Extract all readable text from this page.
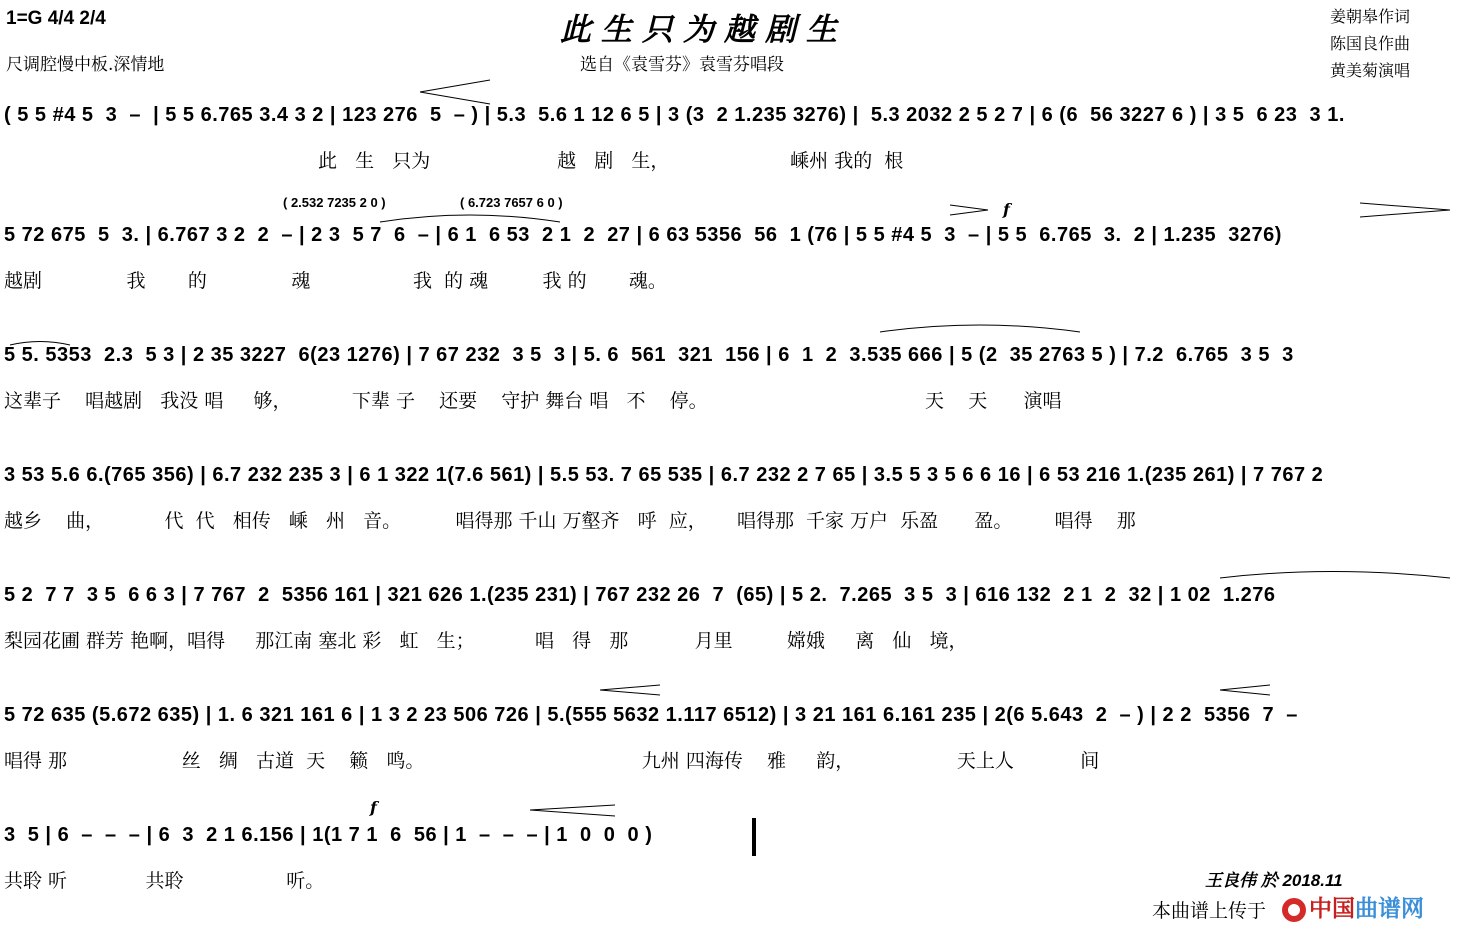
1=G 4/4 2/4
尺调腔慢中板.深情地
此生只为越剧生
选自《袁雪芬》袁雪芬唱段
姜朝皋作词
陈国良作曲
黄美菊演唱
( 2.532 7235 2 0 )	( 6.723 7657 6 0 )	f
f
( 5 5 #4 5  3  –  | 5 5 6.765 3.4 3 2 | 123 276  5  – ) | 5.3  5.6 1 12 6 5 | 3 (3  2 1.235 3276) |  5.3 2032 2 5 2 7 | 6 (6  56 3227 6 ) | 3 5  6 23  3 1.
此   生   只为                     越   剧   生，                    嵊州 我的  根
5 72 675  5  3. | 6.767 3 2  2  – | 2 3  5 7  6  – | 6 1  6 53  2 1  2  27 | 6 63 5356  56  1 (76 | 5 5 #4 5  3  – | 5 5  6.765  3.  2 | 1.235  3276)
越剧              我       的              魂                 我  的 魂         我 的       魂。
5 5. 5353  2.3  5 3 | 2 35 3227  6(23 1276) | 7 67 232  3 5  3 | 5. 6  561  321  156 | 6  1  2  3.535 666 | 5 (2  35 2763 5 ) | 7.2  6.765  3 5  3
这辈子    唱越剧   我没 唱     够，          下辈 子    还要    守护 舞台 唱   不    停。                                    天    天      演唱
3 53 5.6 6.(765 356) | 6.7 232 235 3 | 6 1 322 1(7.6 561) | 5.5 53. 7 65 535 | 6.7 232 2 7 65 | 3.5 5 3 5 6 6 16 | 6 53 216 1.(235 261) | 7 767 2
越乡    曲，          代  代   相传   嵊   州   音。         唱得那 千山 万壑齐   呼  应，     唱得那  千家 万户  乐盈      盈。       唱得    那
5 2  7 7  3 5  6 6 3 | 7 767  2  5356 161 | 321 626 1.(235 231) | 767 232 26  7  (65) | 5 2.  7.265  3 5  3 | 616 132  2 1  2  32 | 1 02  1.276
梨园花圃 群芳 艳啊，唱得     那江南 塞北 彩   虹   生；          唱   得   那           月里         嫦娥     离   仙   境，
5 72 635 (5.672 635) | 1. 6 321 161 6 | 1 3 2 23 506 726 | 5.(555 5632 1.117 6512) | 3 21 161 6.161 235 | 2(6 5.643  2  – ) | 2 2  5356  7  –
唱得 那                   丝   绸   古道  天    籁   鸣。                                    九州 四海传    雅     韵，                 天上人           间
3  5 | 6  –  –  – | 6  3  2 1 6.156 | 1(1 7 1  6  56 | 1  –  –  – | 1  0  0  0 )
共聆 听             共聆                 听。	王良伟 於 2018.11
本曲谱上传于	中国曲谱网
